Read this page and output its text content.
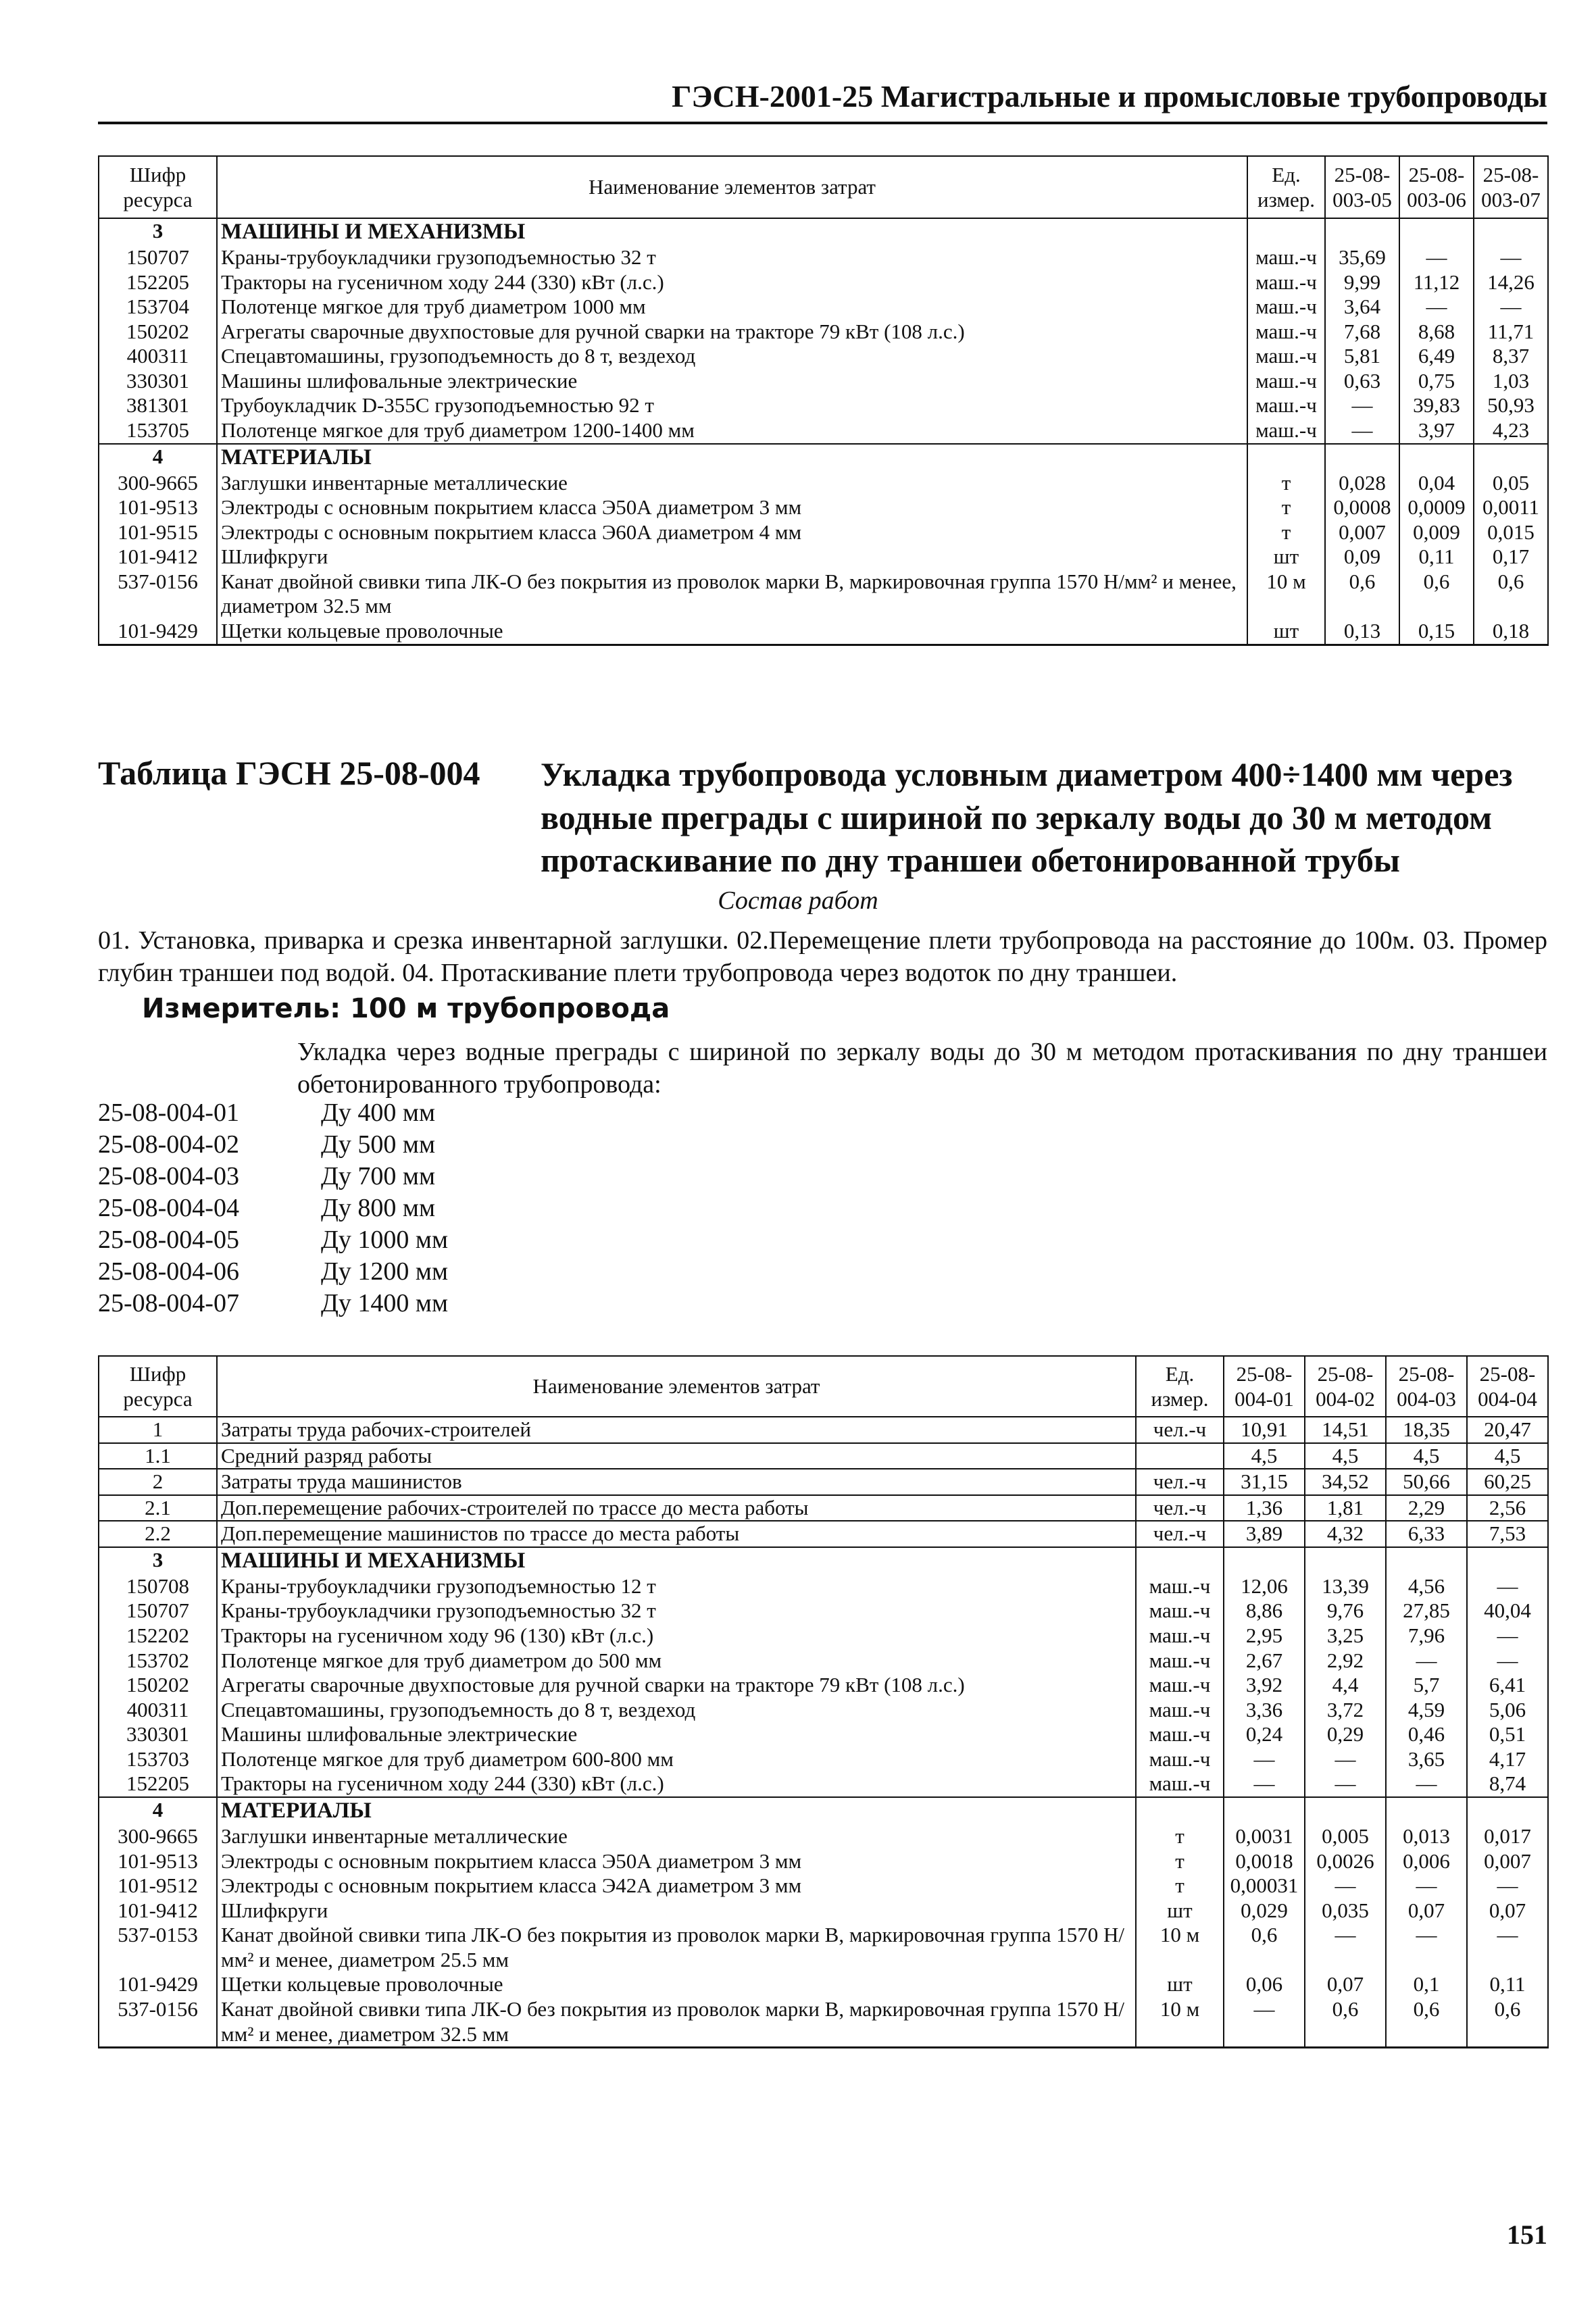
ГЭСН-2001-25 Магистральные и промысловые трубопроводы
Шифр ресурса	Наименование элементов затрат	Ед. измер.	25-08-003-05	25-08-003-06	25-08-003-07
3	МАШИНЫ И МЕХАНИЗМЫ				
150707	Краны-трубоукладчики грузоподъемностью 32 т	маш.-ч	35,69	—	—
152205	Тракторы на гусеничном ходу 244 (330) кВт (л.с.)	маш.-ч	9,99	11,12	14,26
153704	Полотенце мягкое для труб диаметром 1000 мм	маш.-ч	3,64	—	—
150202	Агрегаты сварочные двухпостовые для ручной сварки на тракторе 79 кВт (108 л.с.)	маш.-ч	7,68	8,68	11,71
400311	Спецавтомашины, грузоподъемность до 8 т, вездеход	маш.-ч	5,81	6,49	8,37
330301	Машины шлифовальные электрические	маш.-ч	0,63	0,75	1,03
381301	Трубоукладчик D-355C грузоподъемностью 92 т	маш.-ч	—	39,83	50,93
153705	Полотенце мягкое для труб диаметром 1200-1400 мм	маш.-ч	—	3,97	4,23
4	МАТЕРИАЛЫ				
300-9665	Заглушки инвентарные металлические	т	0,028	0,04	0,05
101-9513	Электроды с основным покрытием класса Э50А диаметром 3 мм	т	0,0008	0,0009	0,0011
101-9515	Электроды с основным покрытием класса Э60А диаметром 4 мм	т	0,007	0,009	0,015
101-9412	Шлифкруги	шт	0,09	0,11	0,17
537-0156	Канат двойной свивки типа ЛК-О без покрытия из проволок марки В, маркировочная группа 1570 Н/мм² и менее, диаметром 32.5 мм	10 м	0,6	0,6	0,6
101-9429	Щетки кольцевые проволочные	шт	0,13	0,15	0,18
Таблица ГЭСН 25-08-004 Укладка трубопровода условным диаметром 400÷1400 мм через водные преграды с шириной по зеркалу воды до 30 м методом протаскивание по дну траншеи обетонированной трубы
Состав работ
01. Установка, приварка и срезка инвентарной заглушки. 02.Перемещение плети трубопровода на расстояние до 100м. 03. Промер глубин траншеи под водой. 04. Протаскивание плети трубопровода через водоток по дну траншеи.
Измеритель: 100 м трубопровода
Укладка через водные преграды с шириной по зеркалу воды до 30 м методом протаскивания по дну траншеи обетонированного трубопровода:
25-08-004-01	Ду 400 мм
25-08-004-02	Ду 500 мм
25-08-004-03	Ду 700 мм
25-08-004-04	Ду 800 мм
25-08-004-05	Ду 1000 мм
25-08-004-06	Ду 1200 мм
25-08-004-07	Ду 1400 мм
Шифр ресурса	Наименование элементов затрат	Ед. измер.	25-08-004-01	25-08-004-02	25-08-004-03	25-08-004-04
1	Затраты труда рабочих-строителей	чел.-ч	10,91	14,51	18,35	20,47
1.1	Средний разряд работы		4,5	4,5	4,5	4,5
2	Затраты труда машинистов	чел.-ч	31,15	34,52	50,66	60,25
2.1	Доп.перемещение рабочих-строителей по трассе до места работы	чел.-ч	1,36	1,81	2,29	2,56
2.2	Доп.перемещение машинистов по трассе до места работы	чел.-ч	3,89	4,32	6,33	7,53
3	МАШИНЫ И МЕХАНИЗМЫ					
150708	Краны-трубоукладчики грузоподъемностью 12 т	маш.-ч	12,06	13,39	4,56	—
150707	Краны-трубоукладчики грузоподъемностью 32 т	маш.-ч	8,86	9,76	27,85	40,04
152202	Тракторы на гусеничном ходу 96 (130) кВт (л.с.)	маш.-ч	2,95	3,25	7,96	—
153702	Полотенце мягкое для труб диаметром до 500 мм	маш.-ч	2,67	2,92	—	—
150202	Агрегаты сварочные двухпостовые для ручной сварки на тракторе 79 кВт (108 л.с.)	маш.-ч	3,92	4,4	5,7	6,41
400311	Спецавтомашины, грузоподъемность до 8 т, вездеход	маш.-ч	3,36	3,72	4,59	5,06
330301	Машины шлифовальные электрические	маш.-ч	0,24	0,29	0,46	0,51
153703	Полотенце мягкое для труб диаметром 600-800 мм	маш.-ч	—	—	3,65	4,17
152205	Тракторы на гусеничном ходу 244 (330) кВт (л.с.)	маш.-ч	—	—	—	8,74
4	МАТЕРИАЛЫ					
300-9665	Заглушки инвентарные металлические	т	0,0031	0,005	0,013	0,017
101-9513	Электроды с основным покрытием класса Э50А диаметром 3 мм	т	0,0018	0,0026	0,006	0,007
101-9512	Электроды с основным покрытием класса Э42А диаметром 3 мм	т	0,00031	—	—	—
101-9412	Шлифкруги	шт	0,029	0,035	0,07	0,07
537-0153	Канат двойной свивки типа ЛК-О без покрытия из проволок марки В, маркировочная группа 1570 Н/мм² и менее, диаметром 25.5 мм	10 м	0,6	—	—	—
101-9429	Щетки кольцевые проволочные	шт	0,06	0,07	0,1	0,11
537-0156	Канат двойной свивки типа ЛК-О без покрытия из проволок марки В, маркировочная группа 1570 Н/мм² и менее, диаметром 32.5 мм	10 м	—	0,6	0,6	0,6
151
